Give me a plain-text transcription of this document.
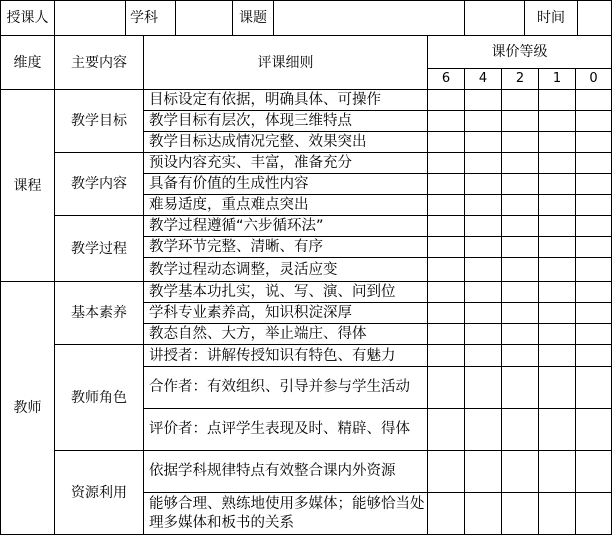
授课人	学科 课题			时间			

维度	主要内容	评课细则	课价等级				
			6	4	2	1	0
课程	教学目标	目标设定有依据，明确具体、可操作					
		教学目标有层次，体现三维特点					
		教学目标达成情况完整、效果突出					
	教学内容	预设内容充实、丰富，准备充分					
		具备有价值的生成性内容					
		难易适度，重点难点突出					
	教学过程	教学过程遵循“六步循环法”					
		教学环节完整、清晰、有序					
		教学过程动态调整，灵活应变					
教师	基本素养	教学基本功扎实，说、写、演、问到位					
		学科专业素养高，知识积淀深厚					
		教态自然、大方，举止端庄、得体					
	教师角色	讲授者：讲解传授知识有特色、有魅力					
		合作者：有效组织、引导并参与学生活动					
		评价者：点评学生表现及时、精辟、得体					
	资源利用	依据学科规律特点有效整合课内外资源					
		能够合理、熟练地使用多媒体；能够恰当处理多媒体和板书的关系					
